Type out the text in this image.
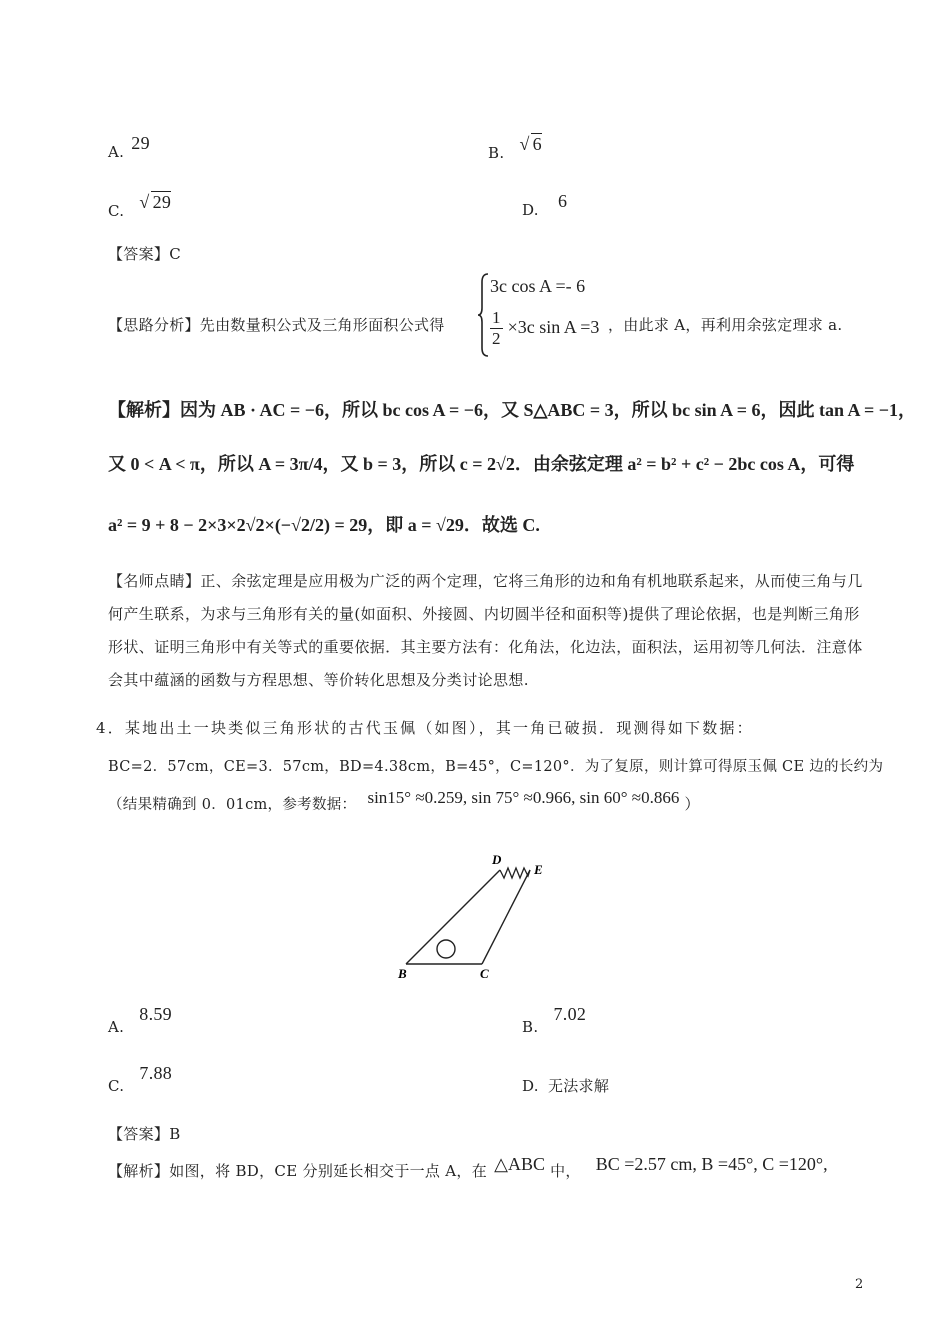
A. 29	B. √ 6
C. √ 29	D. 6
【答案】C
【思路分析】先由数量积公式及三角形面积公式得
3c cos A =- 6
$\frac{1}{2} \times 3c$ sin A =3 ，由此求 A，再利用余弦定理求 a.
【解析】因为 AB · AC = −6，所以 bc cos A = −6，又 S△ABC = 3，所以 bc sin A = 6，因此 tan A = −1，
又 0 < A < π，所以 A = 3π/4，又 b = 3，所以 c = 2√2．由余弦定理 a² = b² + c² − 2bc cos A，可得
a² = 9 + 8 − 2×3×2√2×(−√2/2) = 29，即 a = √29．故选 C.
【名师点睛】正、余弦定理是应用极为广泛的两个定理，它将三角形的边和角有机地联系起来，从而使三角与几何产生联系，为求与三角形有关的量(如面积、外接圆、内切圆半径和面积等)提供了理论依据，也是判断三角形形状、证明三角形中有关等式的重要依据．其主要方法有：化角法，化边法，面积法，运用初等几何法．注意体会其中蕴涵的函数与方程思想、等价转化思想及分类讨论思想.
4．某地出土一块类似三角形状的古代玉佩（如图），其一角已破损．现测得如下数据：
BC=2．57cm，CE=3．57cm，BD=4.38cm，B=45°，C=120°．为了复原，则计算可得原玉佩 CE 边的长约为
（结果精确到 0．01cm，参考数据： sin15° ≈0.259, sin 75° ≈0.966, sin 60° ≈0.866 ）
B	C
D
E
A. 8.59
B. 7.02
C. 7.88
D. 无法求解
【答案】B
【解析】如图，将 BD，CE 分别延长相交于一点 A，在 △ABC 中， BC =2.57 cm, B =45°, C =120°,
2
